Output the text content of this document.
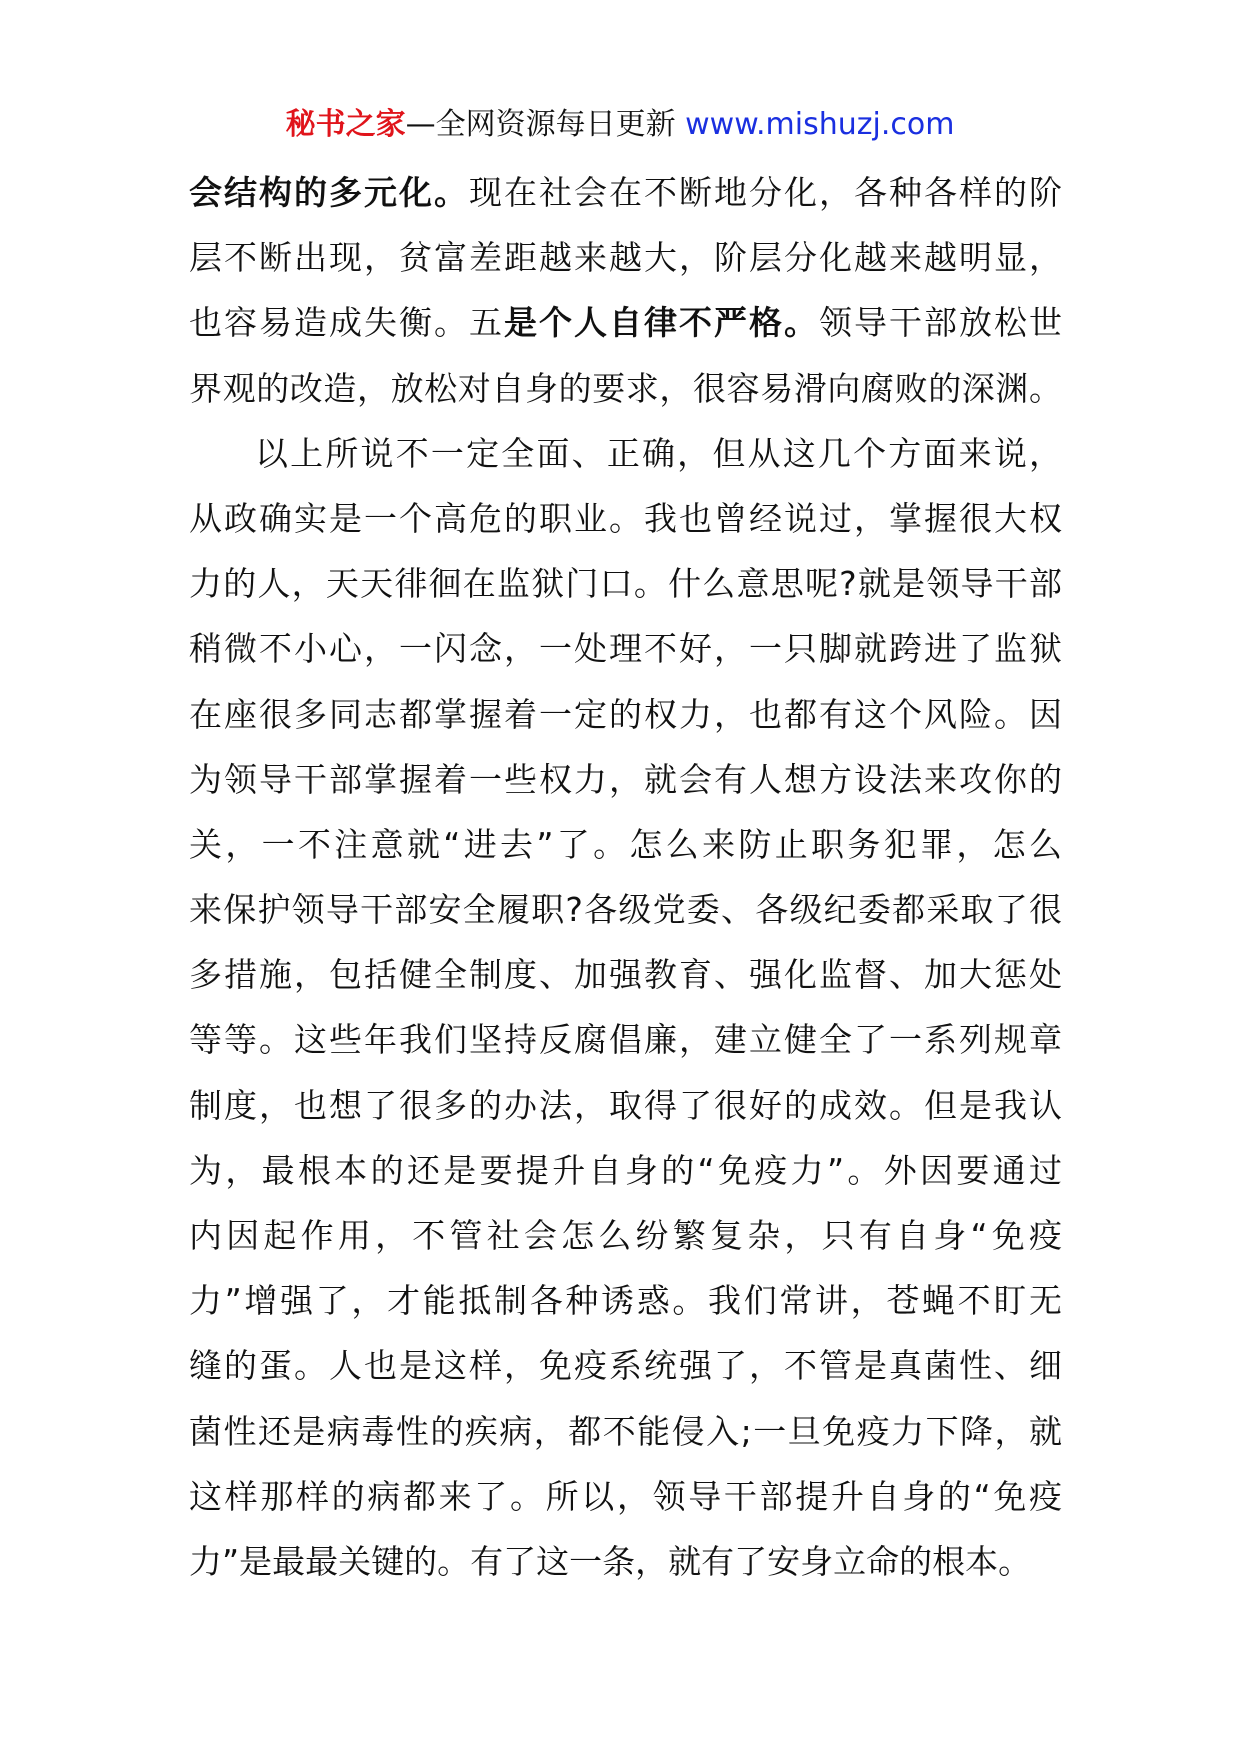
秘书之家—全网资源每日更新 www.mishuzj.com
会结构的多元化。现在社会在不断地分化，各种各样的阶
层不断出现，贫富差距越来越大，阶层分化越来越明显，
也容易造成失衡。五是个人自律不严格。领导干部放松世
界观的改造，放松对自身的要求，很容易滑向腐败的深渊。
以上所说不一定全面、正确，但从这几个方面来说，
从政确实是一个高危的职业。我也曾经说过，掌握很大权
力的人，天天徘徊在监狱门口。什么意思呢?就是领导干部
稍微不小心，一闪念，一处理不好，一只脚就跨进了监狱
在座很多同志都掌握着一定的权力，也都有这个风险。因
为领导干部掌握着一些权力，就会有人想方设法来攻你的
关，一不注意就“进去”了。怎么来防止职务犯罪，怎么
来保护领导干部安全履职?各级党委、各级纪委都采取了很
多措施，包括健全制度、加强教育、强化监督、加大惩处
等等。这些年我们坚持反腐倡廉，建立健全了一系列规章
制度，也想了很多的办法，取得了很好的成效。但是我认
为，最根本的还是要提升自身的“免疫力”。外因要通过
内因起作用，不管社会怎么纷繁复杂，只有自身“免疫
力”增强了，才能抵制各种诱惑。我们常讲，苍蝇不盯无
缝的蛋。人也是这样，免疫系统强了，不管是真菌性、细
菌性还是病毒性的疾病，都不能侵入;一旦免疫力下降，就
这样那样的病都来了。所以，领导干部提升自身的“免疫
力”是最最关键的。有了这一条，就有了安身立命的根本。
